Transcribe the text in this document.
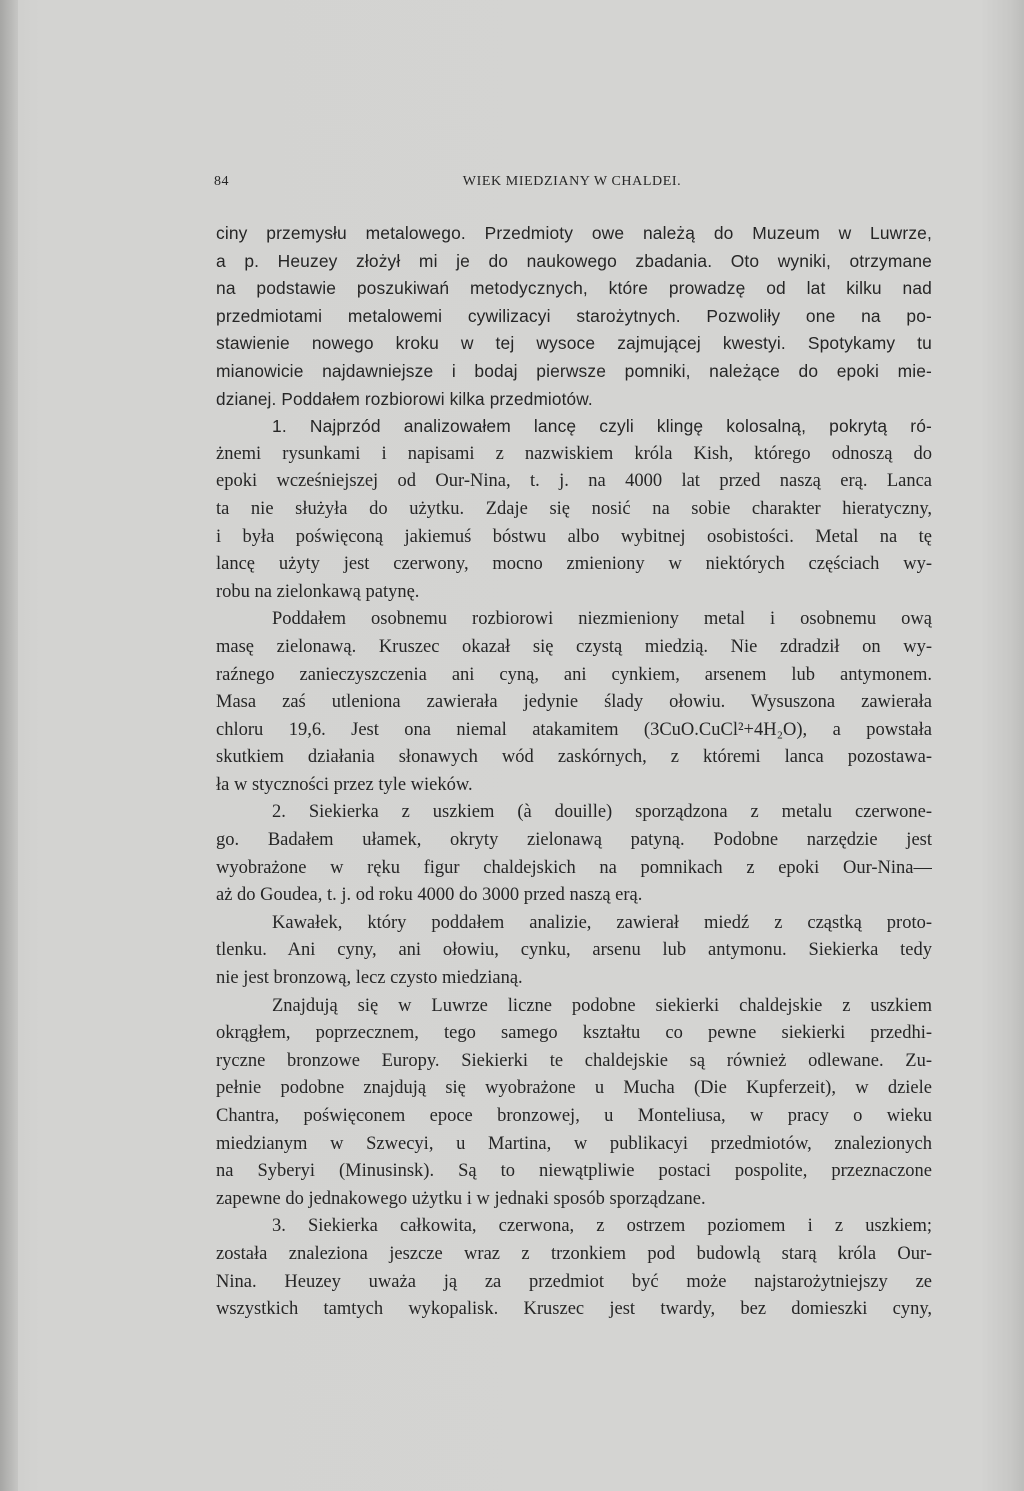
84	WIEK MIEDZIANY W CHALDEI.
ciny przemysłu metalowego. Przedmioty owe należą do Muzeum w Luwrze,
a p. Heuzey złożył mi je do naukowego zbadania. Oto wyniki, otrzymane
na podstawie poszukiwań metodycznych, które prowadzę od lat kilku nad
przedmiotami metalowemi cywilizacyi starożytnych. Pozwoliły one na po-
stawienie nowego kroku w tej wysoce zajmującej kwestyi. Spotykamy tu
mianowicie najdawniejsze i bodaj pierwsze pomniki, należące do epoki mie-
dzianej. Poddałem rozbiorowi kilka przedmiotów.
1. Najprzód analizowałem lancę czyli klingę kolosalną, pokrytą ró-
żnemi rysunkami i napisami z nazwiskiem króla Kish, którego odnoszą do
epoki wcześniejszej od Our-Nina, t. j. na 4000 lat przed naszą erą. Lanca
ta nie służyła do użytku. Zdaje się nosić na sobie charakter hieratyczny,
i była poświęconą jakiemuś bóstwu albo wybitnej osobistości. Metal na tę
lancę użyty jest czerwony, mocno zmieniony w niektórych częściach wy-
robu na zielonkawą patynę.
Poddałem osobnemu rozbiorowi niezmieniony metal i osobnemu ową
masę zielonawą. Kruszec okazał się czystą miedzią. Nie zdradził on wy-
raźnego zanieczyszczenia ani cyną, ani cynkiem, arsenem lub antymonem.
Masa zaś utleniona zawierała jedynie ślady ołowiu. Wysuszona zawierała
chloru 19,6. Jest ona niemal atakamitem (3CuO.CuCl²+4H₂O), a powstała
skutkiem działania słonawych wód zaskórnych, z któremi lanca pozostawa-
ła w styczności przez tyle wieków.
2. Siekierka z uszkiem (à douille) sporządzona z metalu czerwone-
go. Badałem ułamek, okryty zielonawą patyną. Podobne narzędzie jest
wyobrażone w ręku figur chaldejskich na pomnikach z epoki Our-Nina—
aż do Goudea, t. j. od roku 4000 do 3000 przed naszą erą.
Kawałek, który poddałem analizie, zawierał miedź z cząstką proto-
tlenku. Ani cyny, ani ołowiu, cynku, arsenu lub antymonu. Siekierka tedy
nie jest bronzową, lecz czysto miedzianą.
Znajdują się w Luwrze liczne podobne siekierki chaldejskie z uszkiem
okrągłem, poprzecznem, tego samego kształtu co pewne siekierki przedhi-
ryczne bronzowe Europy. Siekierki te chaldejskie są również odlewane. Zu-
pełnie podobne znajdują się wyobrażone u Mucha (Die Kupferzeit), w dziele
Chantra, poświęconem epoce bronzowej, u Monteliusa, w pracy o wieku
miedzianym w Szwecyi, u Martina, w publikacyi przedmiotów, znalezionych
na Syberyi (Minusinsk). Są to niewątpliwie postaci pospolite, przeznaczone
zapewne do jednakowego użytku i w jednaki sposób sporządzane.
3. Siekierka całkowita, czerwona, z ostrzem poziomem i z uszkiem;
została znaleziona jeszcze wraz z trzonkiem pod budowlą starą króla Our-
Nina. Heuzey uważa ją za przedmiot być może najstarożytniejszy ze
wszystkich tamtych wykopalisk. Kruszec jest twardy, bez domieszki cyny,
